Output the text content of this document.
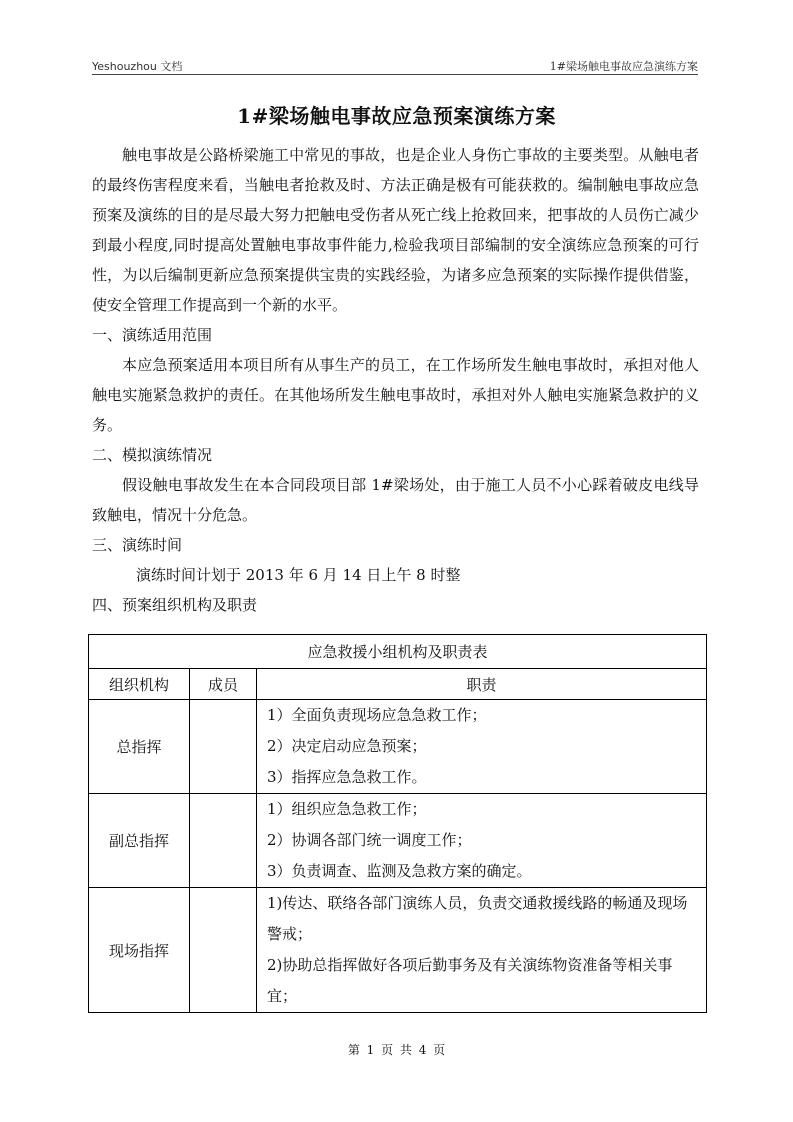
Yeshouzhou 文档	1#梁场触电事故应急演练方案
1#梁场触电事故应急预案演练方案

触电事故是公路桥梁施工中常见的事故，也是企业人身伤亡事故的主要类型。从触电者的最终伤害程度来看，当触电者抢救及时、方法正确是极有可能获救的。编制触电事故应急预案及演练的目的是尽最大努力把触电受伤者从死亡线上抢救回来，把事故的人员伤亡减少到最小程度,同时提高处置触电事故事件能力,检验我项目部编制的安全演练应急预案的可行性，为以后编制更新应急预案提供宝贵的实践经验，为诸多应急预案的实际操作提供借鉴，使安全管理工作提高到一个新的水平。

一、演练适用范围

本应急预案适用本项目所有从事生产的员工，在工作场所发生触电事故时，承担对他人触电实施紧急救护的责任。在其他场所发生触电事故时，承担对外人触电实施紧急救护的义务。

二、模拟演练情况

假设触电事故发生在本合同段项目部 1#梁场处，由于施工人员不小心踩着破皮电线导致触电，情况十分危急。

三、演练时间

演练时间计划于 2013 年 6 月 14 日上午 8 时整

四、预案组织机构及职责

应急救援小组机构及职责表		
组织机构	成员	职责
总指挥		1）全面负责现场应急急救工作；
2）决定启动应急预案；
3）指挥应急急救工作。

副总指挥		1）组织应急急救工作；
2）协调各部门统一调度工作；
3）负责调查、监测及急救方案的确定。

现场指挥		1)传达、联络各部门演练人员，负责交通救援线路的畅通及现场警戒；
2)协助总指挥做好各项后勤事务及有关演练物资准备等相关事宜；
第 1 页 共 4 页
